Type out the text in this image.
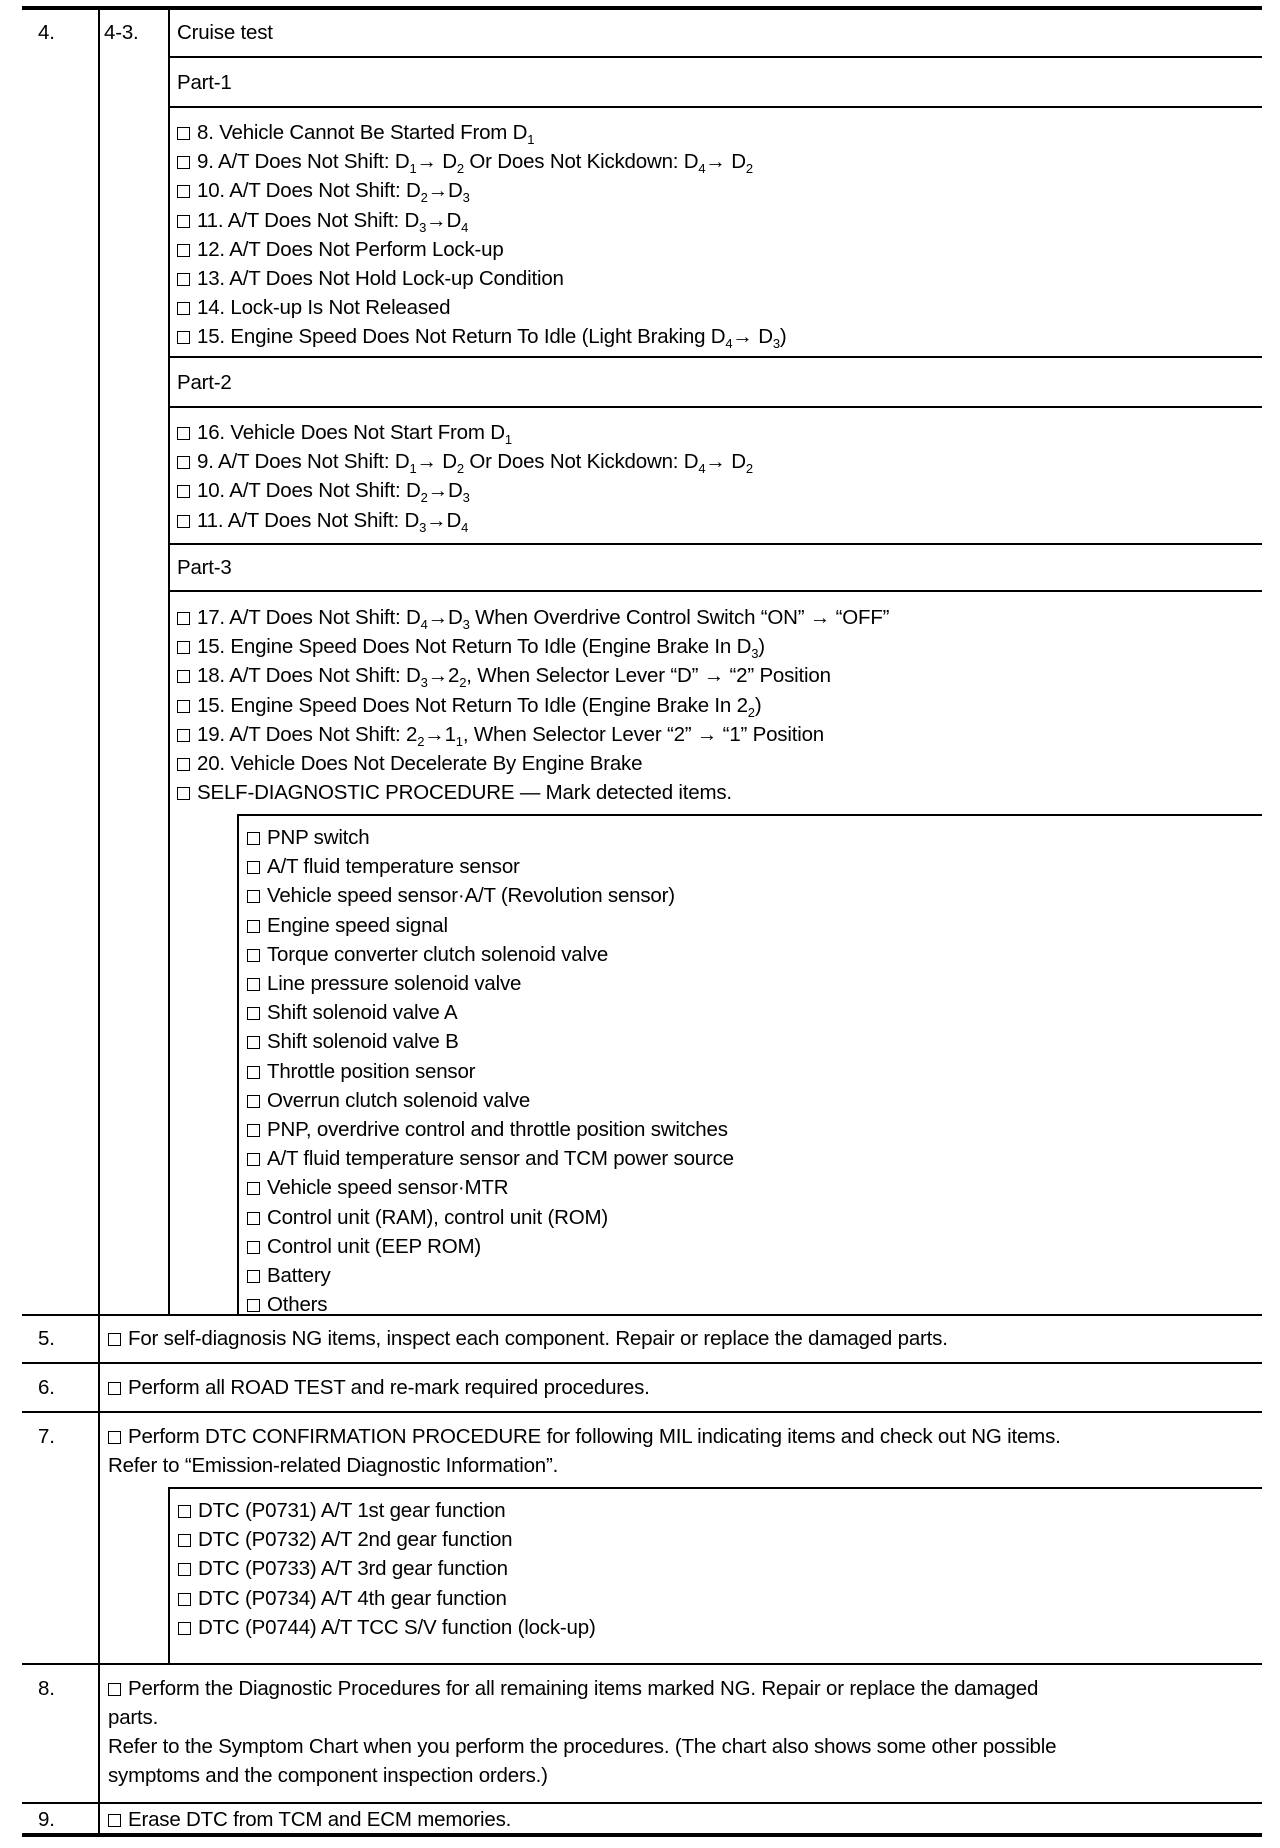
4. 4-3. Cruise test
Part-1
8. Vehicle Cannot Be Started From $D_1$
9. A/T Does Not Shift: $D_1\to D_2$ Or Does Not Kickdown: $D_4\to D_2$
10. A/T Does Not Shift: $D_2\to D_3$
11. A/T Does Not Shift: $D_3\to D_4$
12. A/T Does Not Perform Lock-up
13. A/T Does Not Hold Lock-up Condition
14. Lock-up Is Not Released
15. Engine Speed Does Not Return To Idle (Light Braking $D_4\to D_3$)
Part-2
16. Vehicle Does Not Start From $D_1$
9. A/T Does Not Shift: $D_1\to D_2$ Or Does Not Kickdown: $D_4\to D_2$
10. A/T Does Not Shift: $D_2\to D_3$
11. A/T Does Not Shift: $D_3\to D_4$
Part-3
17. A/T Does Not Shift: $D_4\to D_3$ When Overdrive Control Switch “ON” → “OFF”
15. Engine Speed Does Not Return To Idle (Engine Brake In $D_3$)
18. A/T Does Not Shift: $D_3\to 2_2$, When Selector Lever “D” → “2” Position
15. Engine Speed Does Not Return To Idle (Engine Brake In $2_2$)
19. A/T Does Not Shift: $2_2\to 1_1$, When Selector Lever “2” → “1” Position
20. Vehicle Does Not Decelerate By Engine Brake
SELF-DIAGNOSTIC PROCEDURE — Mark detected items.
PNP switch
A/T fluid temperature sensor
Vehicle speed sensor·A/T (Revolution sensor)
Engine speed signal
Torque converter clutch solenoid valve
Line pressure solenoid valve
Shift solenoid valve A
Shift solenoid valve B
Throttle position sensor
Overrun clutch solenoid valve
PNP, overdrive control and throttle position switches
A/T fluid temperature sensor and TCM power source
Vehicle speed sensor·MTR
Control unit (RAM), control unit (ROM)
Control unit (EEP ROM)
Battery
Others
5.	For self-diagnosis NG items, inspect each component. Repair or replace the damaged parts.
6.	Perform all ROAD TEST and re-mark required procedures.
7.	Perform DTC CONFIRMATION PROCEDURE for following MIL indicating items and check out NG items.
Refer to “Emission-related Diagnostic Information”.
DTC (P0731) A/T 1st gear function
DTC (P0732) A/T 2nd gear function
DTC (P0733) A/T 3rd gear function
DTC (P0734) A/T 4th gear function
DTC (P0744) A/T TCC S/V function (lock-up)
8.	Perform the Diagnostic Procedures for all remaining items marked NG. Repair or replace the damaged
parts.
Refer to the Symptom Chart when you perform the procedures. (The chart also shows some other possible
symptoms and the component inspection orders.)
9.	Erase DTC from TCM and ECM memories.
